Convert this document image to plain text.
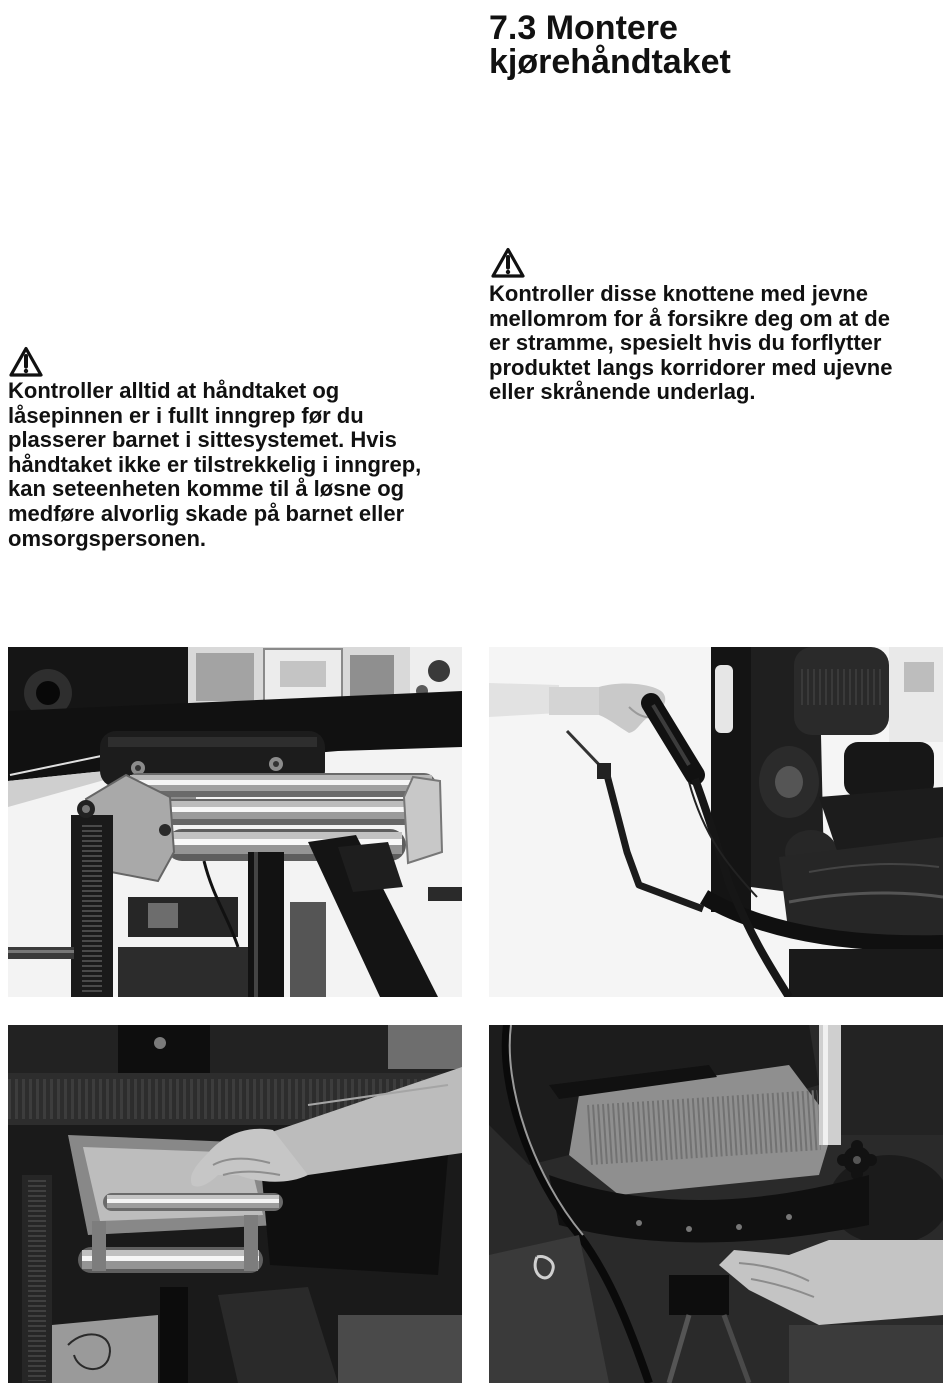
7.3 Montere
kjørehåndtaket

Kontroller disse knottene med jevne
mellomrom for å forsikre deg om at de
er stramme, spesielt hvis du forflytter
produktet langs korridorer med ujevne
eller skrånende underlag.

Kontroller alltid at håndtaket og
låsepinnen er i fullt inngrep før du
plasserer barnet i sittesystemet. Hvis
håndtaket ikke er tilstrekkelig i inngrep,
kan seteenheten komme til å løsne og
medføre alvorlig skade på barnet eller
omsorgspersonen.
